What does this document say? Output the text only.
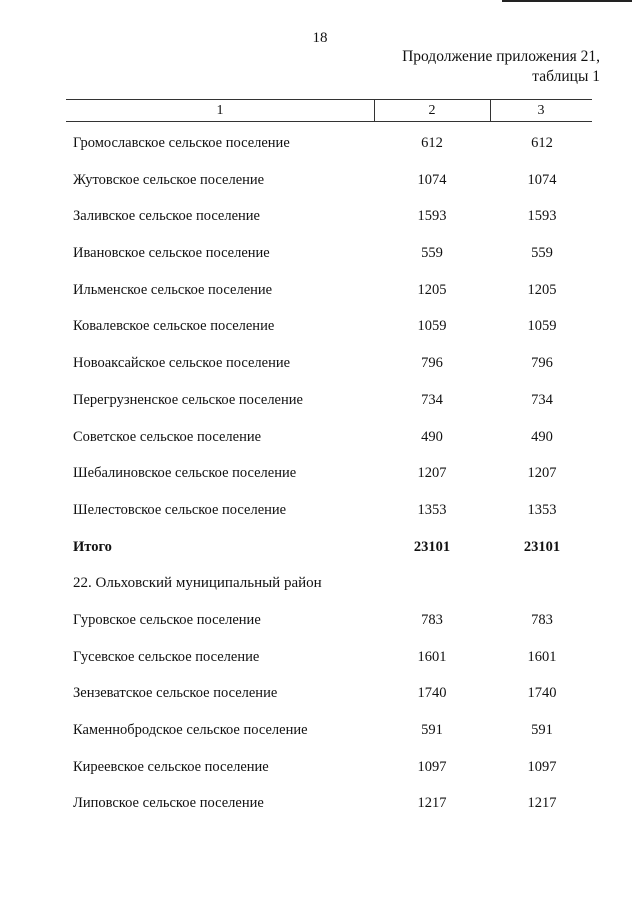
18
Продолжение приложения 21,
таблицы 1
1	2	3
Громославское сельское поселение	612	612
Жутовское сельское поселение	1074	1074
Заливское сельское поселение	1593	1593
Ивановское сельское поселение	559	559
Ильменское сельское поселение	1205	1205
Ковалевское сельское поселение	1059	1059
Новоаксайское сельское поселение	796	796
Перегрузненское сельское поселение	734	734
Советское сельское поселение	490	490
Шебалиновское сельское поселение	1207	1207
Шелестовское сельское поселение	1353	1353
Итого	23101	23101
22. Ольховский муниципальный район
Гуровское сельское поселение	783	783
Гусевское сельское поселение	1601	1601
Зензеватское сельское поселение	1740	1740
Каменнобродское сельское поселение	591	591
Киреевское сельское поселение	1097	1097
Липовское сельское поселение	1217	1217
